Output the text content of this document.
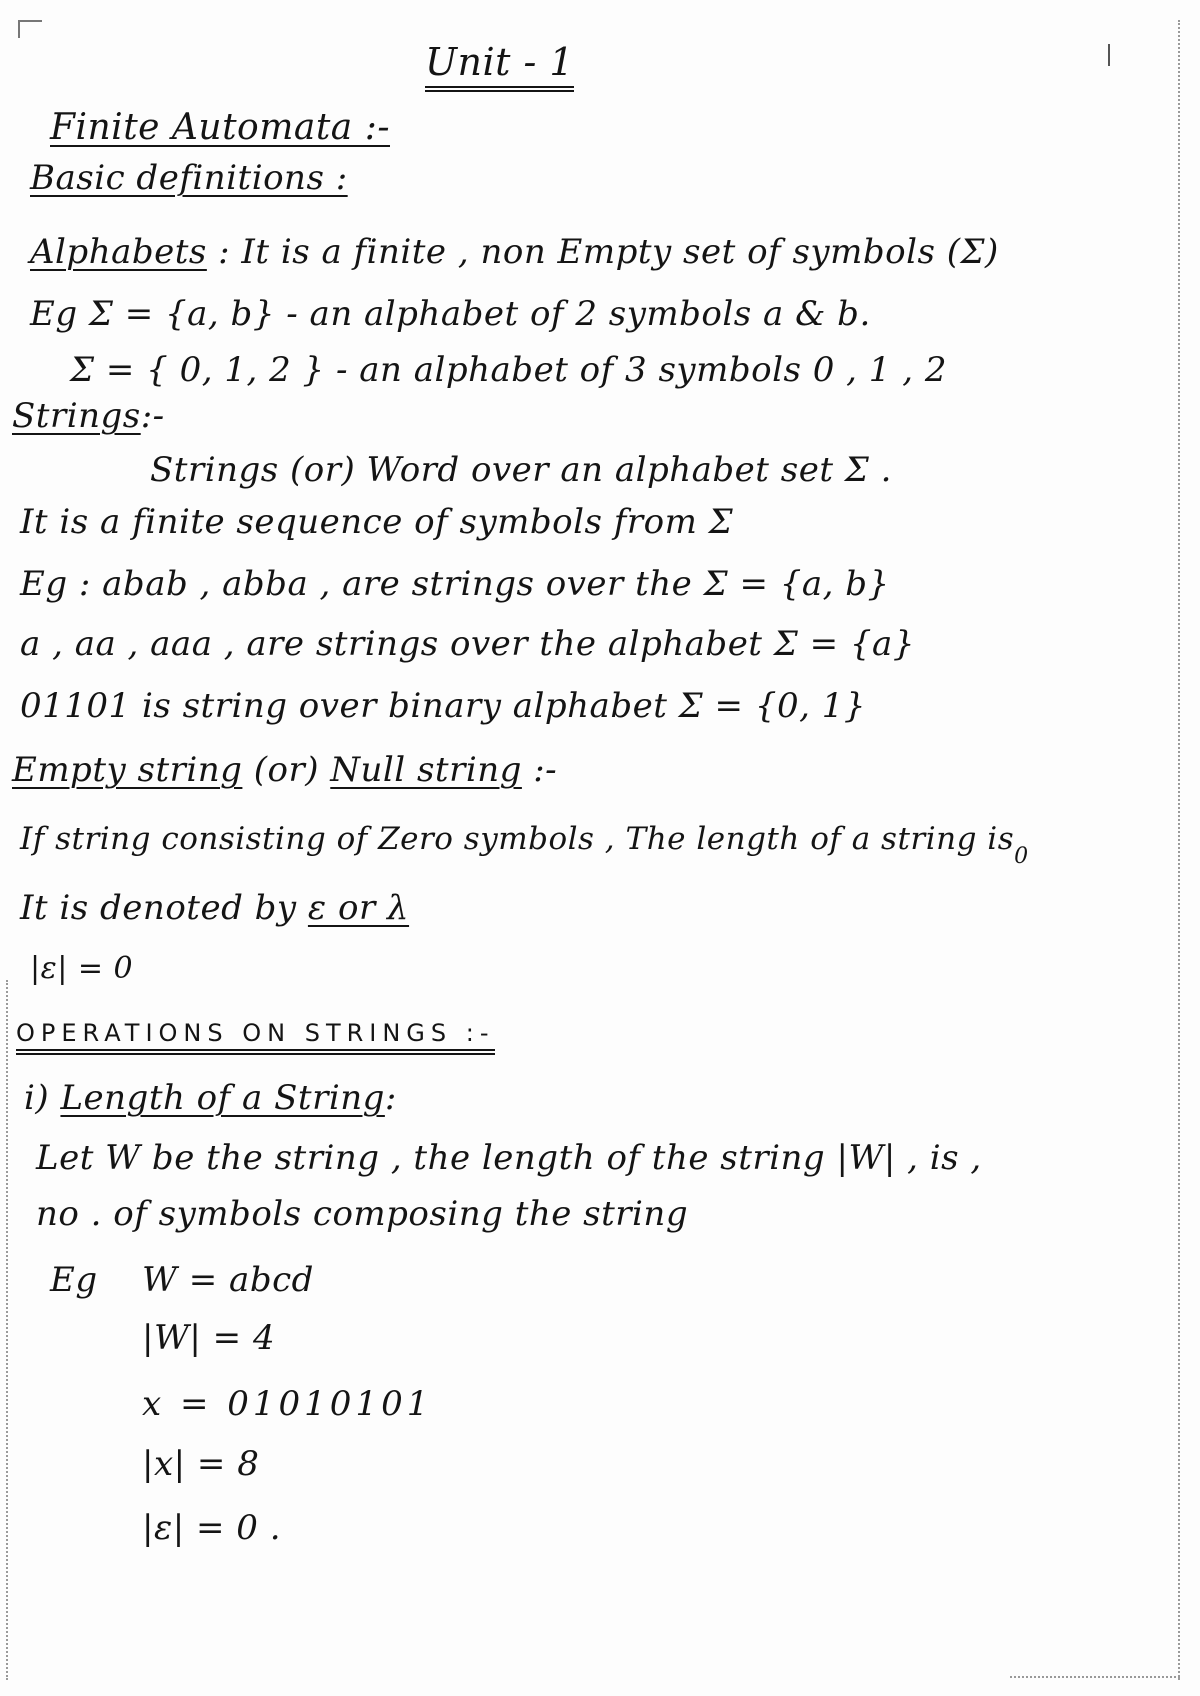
Unit - 1
Finite Automata :-
Basic definitions :
Alphabets : It is a finite , non Empty set of symbols (Σ)
Eg Σ = {a, b} - an alphabet of 2 symbols a & b.
Σ = { 0, 1, 2 } - an alphabet of 3 symbols 0 , 1 , 2
Strings:-
Strings (or) Word over an alphabet set Σ .
It is a finite sequence of symbols from Σ
Eg : abab , abba , are strings over the Σ = {a, b}
a , aa , aaa , are strings over the alphabet Σ = {a}
01101 is string over binary alphabet Σ = {0, 1}
Empty string (or) Null string :-
If string consisting of Zero symbols , The length of a string $is_0$
It is denoted by ε or λ
|ε| = 0
OPERATIONS ON STRINGS :-
i) Length of a String:
Let W be the string , the length of the string |W| , is ,
no . of symbols composing the string
Eg W = abcd
|W| = 4
x = 01010101
|x| = 8
|ε| = 0 .
